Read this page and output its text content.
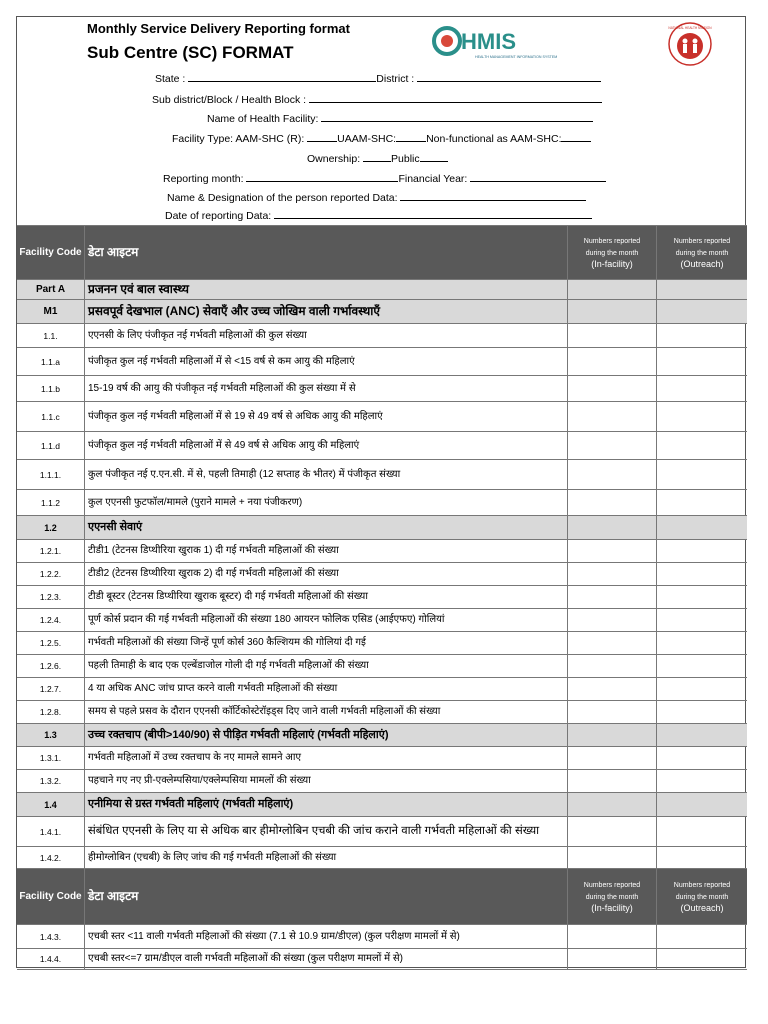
Monthly Service Delivery Reporting format
Sub Centre (SC) FORMAT	HMIS
HEALTH MANAGEMENT INFORMATION SYSTEM
NATIONAL HEALTH MISSION
State :	District :
Sub district/Block / Health Block :
Name of Health Facility:
Facility Type: AAM-SHC (R):	UAAM-SHC:	Non-functional as AAM-SHC:
Ownership:	Public
Reporting month:	Financial Year:
Name & Designation of the person reported Data:
Date of reporting Data:
Facility Code डेटा आइटम
Numbers reported during the month
(In-facility)
Numbers reported during the month
(Outreach)
Part A	प्रजनन एवं बाल स्वास्थ्य
M1	प्रसवपूर्व देखभाल (ANC) सेवाएँ और उच्च जोखिम वाली गर्भावस्थाएँ
1.1.	एएनसी के लिए पंजीकृत नई गर्भवती महिलाओं की कुल संख्या
1.1.a	पंजीकृत कुल नई गर्भवती महिलाओं में से <15 वर्ष से कम आयु की महिलाएं
1.1.b	15-19 वर्ष की आयु की पंजीकृत नई गर्भवती महिलाओं की कुल संख्या में से
1.1.c	पंजीकृत कुल नई गर्भवती महिलाओं में से 19 से 49 वर्ष से अधिक आयु की महिलाएं
1.1.d	पंजीकृत कुल नई गर्भवती महिलाओं में से 49 वर्ष से अधिक आयु की महिलाएं
1.1.1.	कुल पंजीकृत नई ए.एन.सी. में से, पहली तिमाही (12 सप्ताह के भीतर) में पंजीकृत संख्या
1.1.2	कुल एएनसी फुटफॉल/मामले (पुराने मामले + नया पंजीकरण)
1.2	एएनसी सेवाएं
1.2.1.	टीडी1 (टेटनस डिप्थीरिया खुराक 1) दी गई गर्भवती महिलाओं की संख्या
1.2.2.	टीडी2 (टेटनस डिप्थीरिया खुराक 2) दी गई गर्भवती महिलाओं की संख्या
1.2.3.	टीडी बूस्टर (टेटनस डिप्थीरिया खुराक बूस्टर) दी गई गर्भवती महिलाओं की संख्या
1.2.4.	पूर्ण कोर्स प्रदान की गई गर्भवती महिलाओं की संख्या 180 आयरन फोलिक एसिड (आईएफए) गोलियां
1.2.5.	गर्भवती महिलाओं की संख्या जिन्हें पूर्ण कोर्स 360 कैल्शियम की गोलियां दी गई
1.2.6.	पहली तिमाही के बाद एक एल्बेंडाजोल गोली दी गई गर्भवती महिलाओं की संख्या
1.2.7.	4 या अधिक ANC जांच प्राप्त करने वाली गर्भवती महिलाओं की संख्या
1.2.8.	समय से पहले प्रसव के दौरान एएनसी कॉर्टिकोस्टेरॉइड्स दिए जाने वाली गर्भवती महिलाओं की संख्या
1.3	उच्च रक्तचाप (बीपी>140/90) से पीड़ित गर्भवती महिलाएं (गर्भवती महिलाएं)
1.3.1.	गर्भवती महिलाओं में उच्च रक्तचाप के नए मामले सामने आए
1.3.2.	पहचाने गए नए प्री-एक्लेम्पसिया/एक्लेम्पसिया मामलों की संख्या
1.4	एनीमिया से ग्रस्त गर्भवती महिलाएं (गर्भवती महिलाएं)
1.4.1.	संबंधित एएनसी के लिए या से अधिक बार हीमोग्लोबिन एचबी की जांच कराने वाली गर्भवती महिलाओं की संख्या
1.4.2.	हीमोग्लोबिन (एचबी) के लिए जांच की गई गर्भवती महिलाओं की संख्या
Facility Code डेटा आइटम
Numbers reported during the month
(In-facility)
Numbers reported during the month
(Outreach)
1.4.3.	एचबी स्तर <11 वाली गर्भवती महिलाओं की संख्या (7.1 से 10.9 ग्राम/डीएल) (कुल परीक्षण मामलों में से)
1.4.4.	एचबी स्तर<=7 ग्राम/डीएल वाली गर्भवती महिलाओं की संख्या (कुल परीक्षण मामलों में से)
